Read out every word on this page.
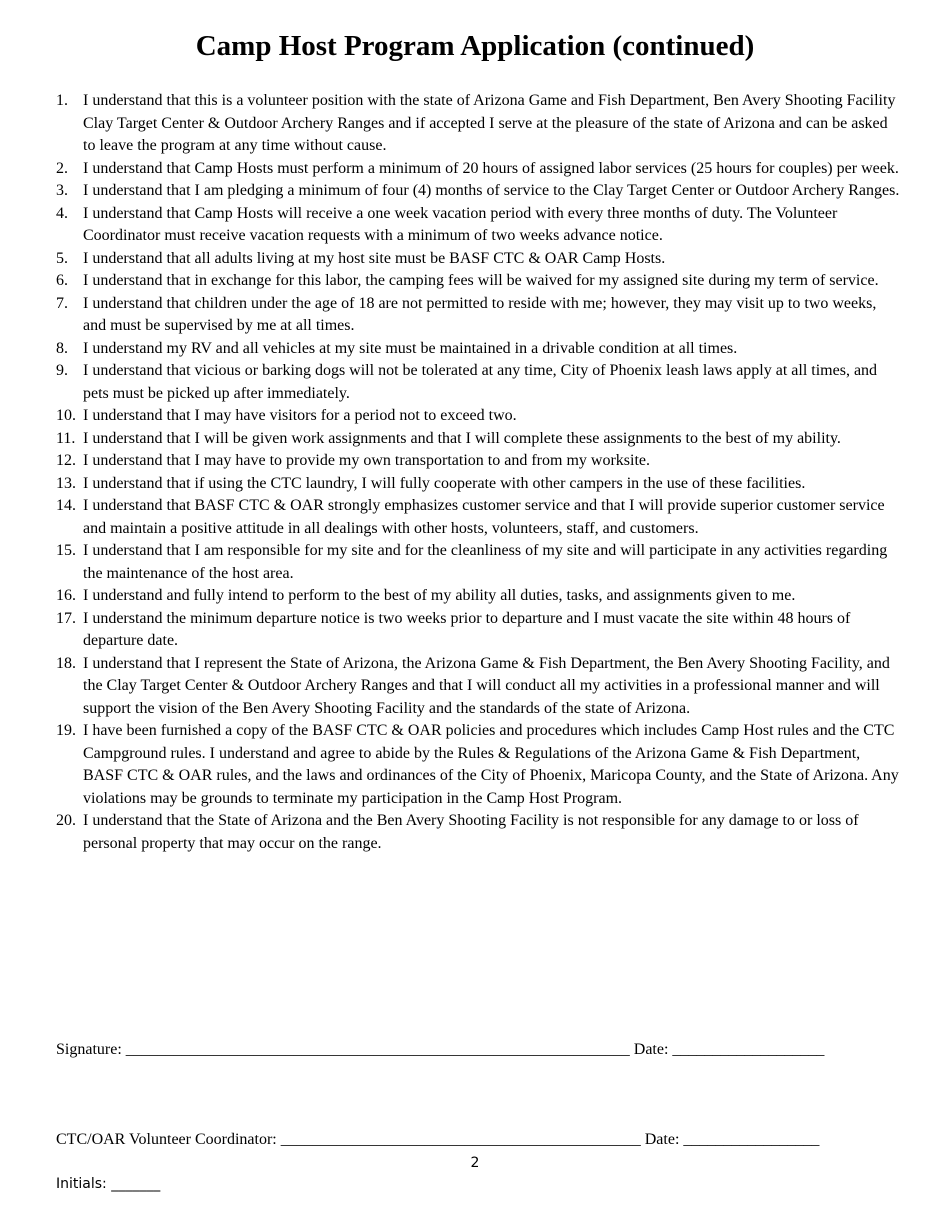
Camp Host Program Application (continued)
1. I understand that this is a volunteer position with the state of Arizona Game and Fish Department, Ben Avery Shooting Facility Clay Target Center & Outdoor Archery Ranges and if accepted I serve at the pleasure of the state of Arizona and can be asked to leave the program at any time without cause.
2. I understand that Camp Hosts must perform a minimum of 20 hours of assigned labor services (25 hours for couples) per week.
3. I understand that I am pledging a minimum of four (4) months of service to the Clay Target Center or Outdoor Archery Ranges.
4. I understand that Camp Hosts will receive a one week vacation period with every three months of duty. The Volunteer Coordinator must receive vacation requests with a minimum of two weeks advance notice.
5. I understand that all adults living at my host site must be BASF CTC & OAR Camp Hosts.
6. I understand that in exchange for this labor, the camping fees will be waived for my assigned site during my term of service.
7. I understand that children under the age of 18 are not permitted to reside with me; however, they may visit up to two weeks, and must be supervised by me at all times.
8. I understand my RV and all vehicles at my site must be maintained in a drivable condition at all times.
9. I understand that vicious or barking dogs will not be tolerated at any time, City of Phoenix leash laws apply at all times, and pets must be picked up after immediately.
10. I understand that I may have visitors for a period not to exceed two.
11. I understand that I will be given work assignments and that I will complete these assignments to the best of my ability.
12. I understand that I may have to provide my own transportation to and from my worksite.
13. I understand that if using the CTC laundry, I will fully cooperate with other campers in the use of these facilities.
14. I understand that BASF CTC & OAR strongly emphasizes customer service and that I will provide superior customer service and maintain a positive attitude in all dealings with other hosts, volunteers, staff, and customers.
15. I understand that I am responsible for my site and for the cleanliness of my site and will participate in any activities regarding the maintenance of the host area.
16. I understand and fully intend to perform to the best of my ability all duties, tasks, and assignments given to me.
17. I understand the minimum departure notice is two weeks prior to departure and I must vacate the site within 48 hours of departure date.
18. I understand that I represent the State of Arizona, the Arizona Game & Fish Department, the Ben Avery Shooting Facility, and the Clay Target Center & Outdoor Archery Ranges and that I will conduct all my activities in a professional manner and will support the vision of the Ben Avery Shooting Facility and the standards of the state of Arizona.
19. I have been furnished a copy of the BASF CTC & OAR policies and procedures which includes Camp Host rules and the CTC Campground rules. I understand and agree to abide by the Rules & Regulations of the Arizona Game & Fish Department, BASF CTC & OAR rules, and the laws and ordinances of the City of Phoenix, Maricopa County, and the State of Arizona. Any violations may be grounds to terminate my participation in the Camp Host Program.
20. I understand that the State of Arizona and the Ben Avery Shooting Facility is not responsible for any damage to or loss of personal property that may occur on the range.
Signature: _______________________________________________________________ Date: ___________________
CTC/OAR Volunteer Coordinator: _____________________________________________ Date: _________________
2
Initials: _______
